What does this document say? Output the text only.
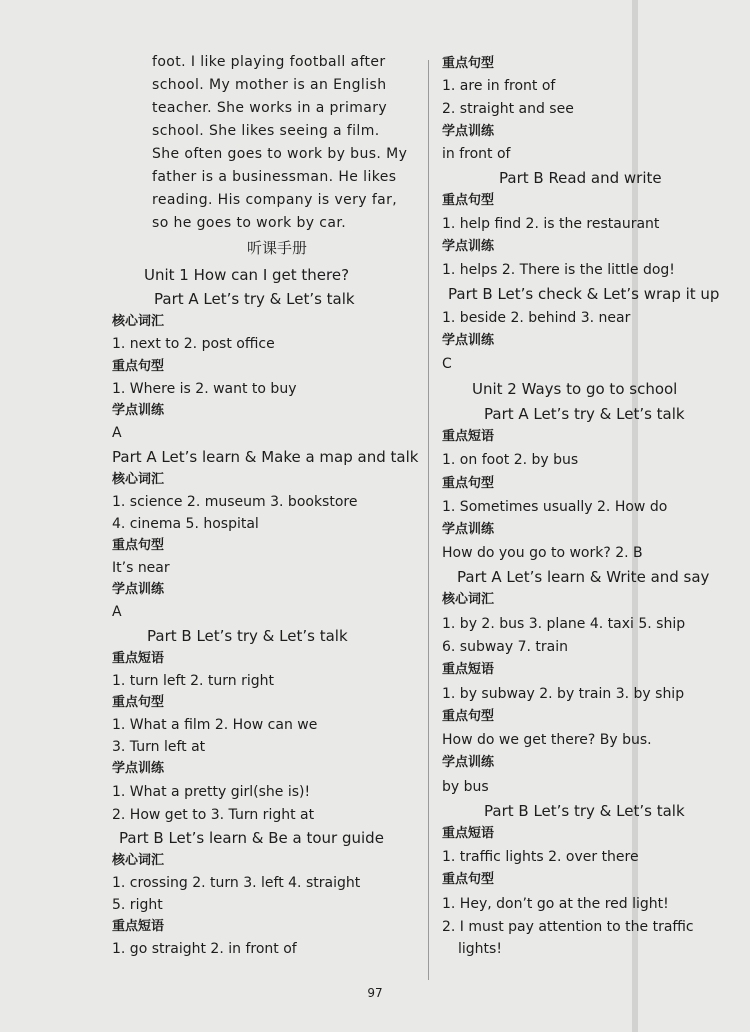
foot. I like playing football after
school. My mother is an English
teacher. She works in a primary
school. She likes seeing a film.
She often goes to work by bus. My
father is a businessman. He likes
reading. His company is very far,
so he goes to work by car.
听课手册
Unit 1 How can I get there?
Part A Let’s try & Let’s talk
核心词汇
1. next to 2. post office
重点句型
1. Where is 2. want to buy
学点训练
A
Part A Let’s learn & Make a map and talk
核心词汇
1. science 2. museum 3. bookstore
4. cinema 5. hospital
重点句型
It’s near
学点训练
A
Part B Let’s try & Let’s talk
重点短语
1. turn left 2. turn right
重点句型
1. What a film 2. How can we
3. Turn left at
学点训练
1. What a pretty girl(she is)!
2. How get to 3. Turn right at
Part B Let’s learn & Be a tour guide
核心词汇
1. crossing 2. turn 3. left 4. straight
5. right
重点短语
1. go straight 2. in front of
重点句型
1. are in front of
2. straight and see
学点训练
in front of
Part B Read and write
重点句型
1. help find 2. is the restaurant
学点训练
1. helps 2. There is the little dog!
Part B Let’s check & Let’s wrap it up
1. beside 2. behind 3. near
学点训练
C
Unit 2 Ways to go to school
Part A Let’s try & Let’s talk
重点短语
1. on foot 2. by bus
重点句型
1. Sometimes usually 2. How do
学点训练
How do you go to work? 2. B
Part A Let’s learn & Write and say
核心词汇
1. by 2. bus 3. plane 4. taxi 5. ship
6. subway 7. train
重点短语
1. by subway 2. by train 3. by ship
重点句型
How do we get there? By bus.
学点训练
by bus
Part B Let’s try & Let’s talk
重点短语
1. traffic lights 2. over there
重点句型
1. Hey, don’t go at the red light!
2. I must pay attention to the traffic
lights!
97
